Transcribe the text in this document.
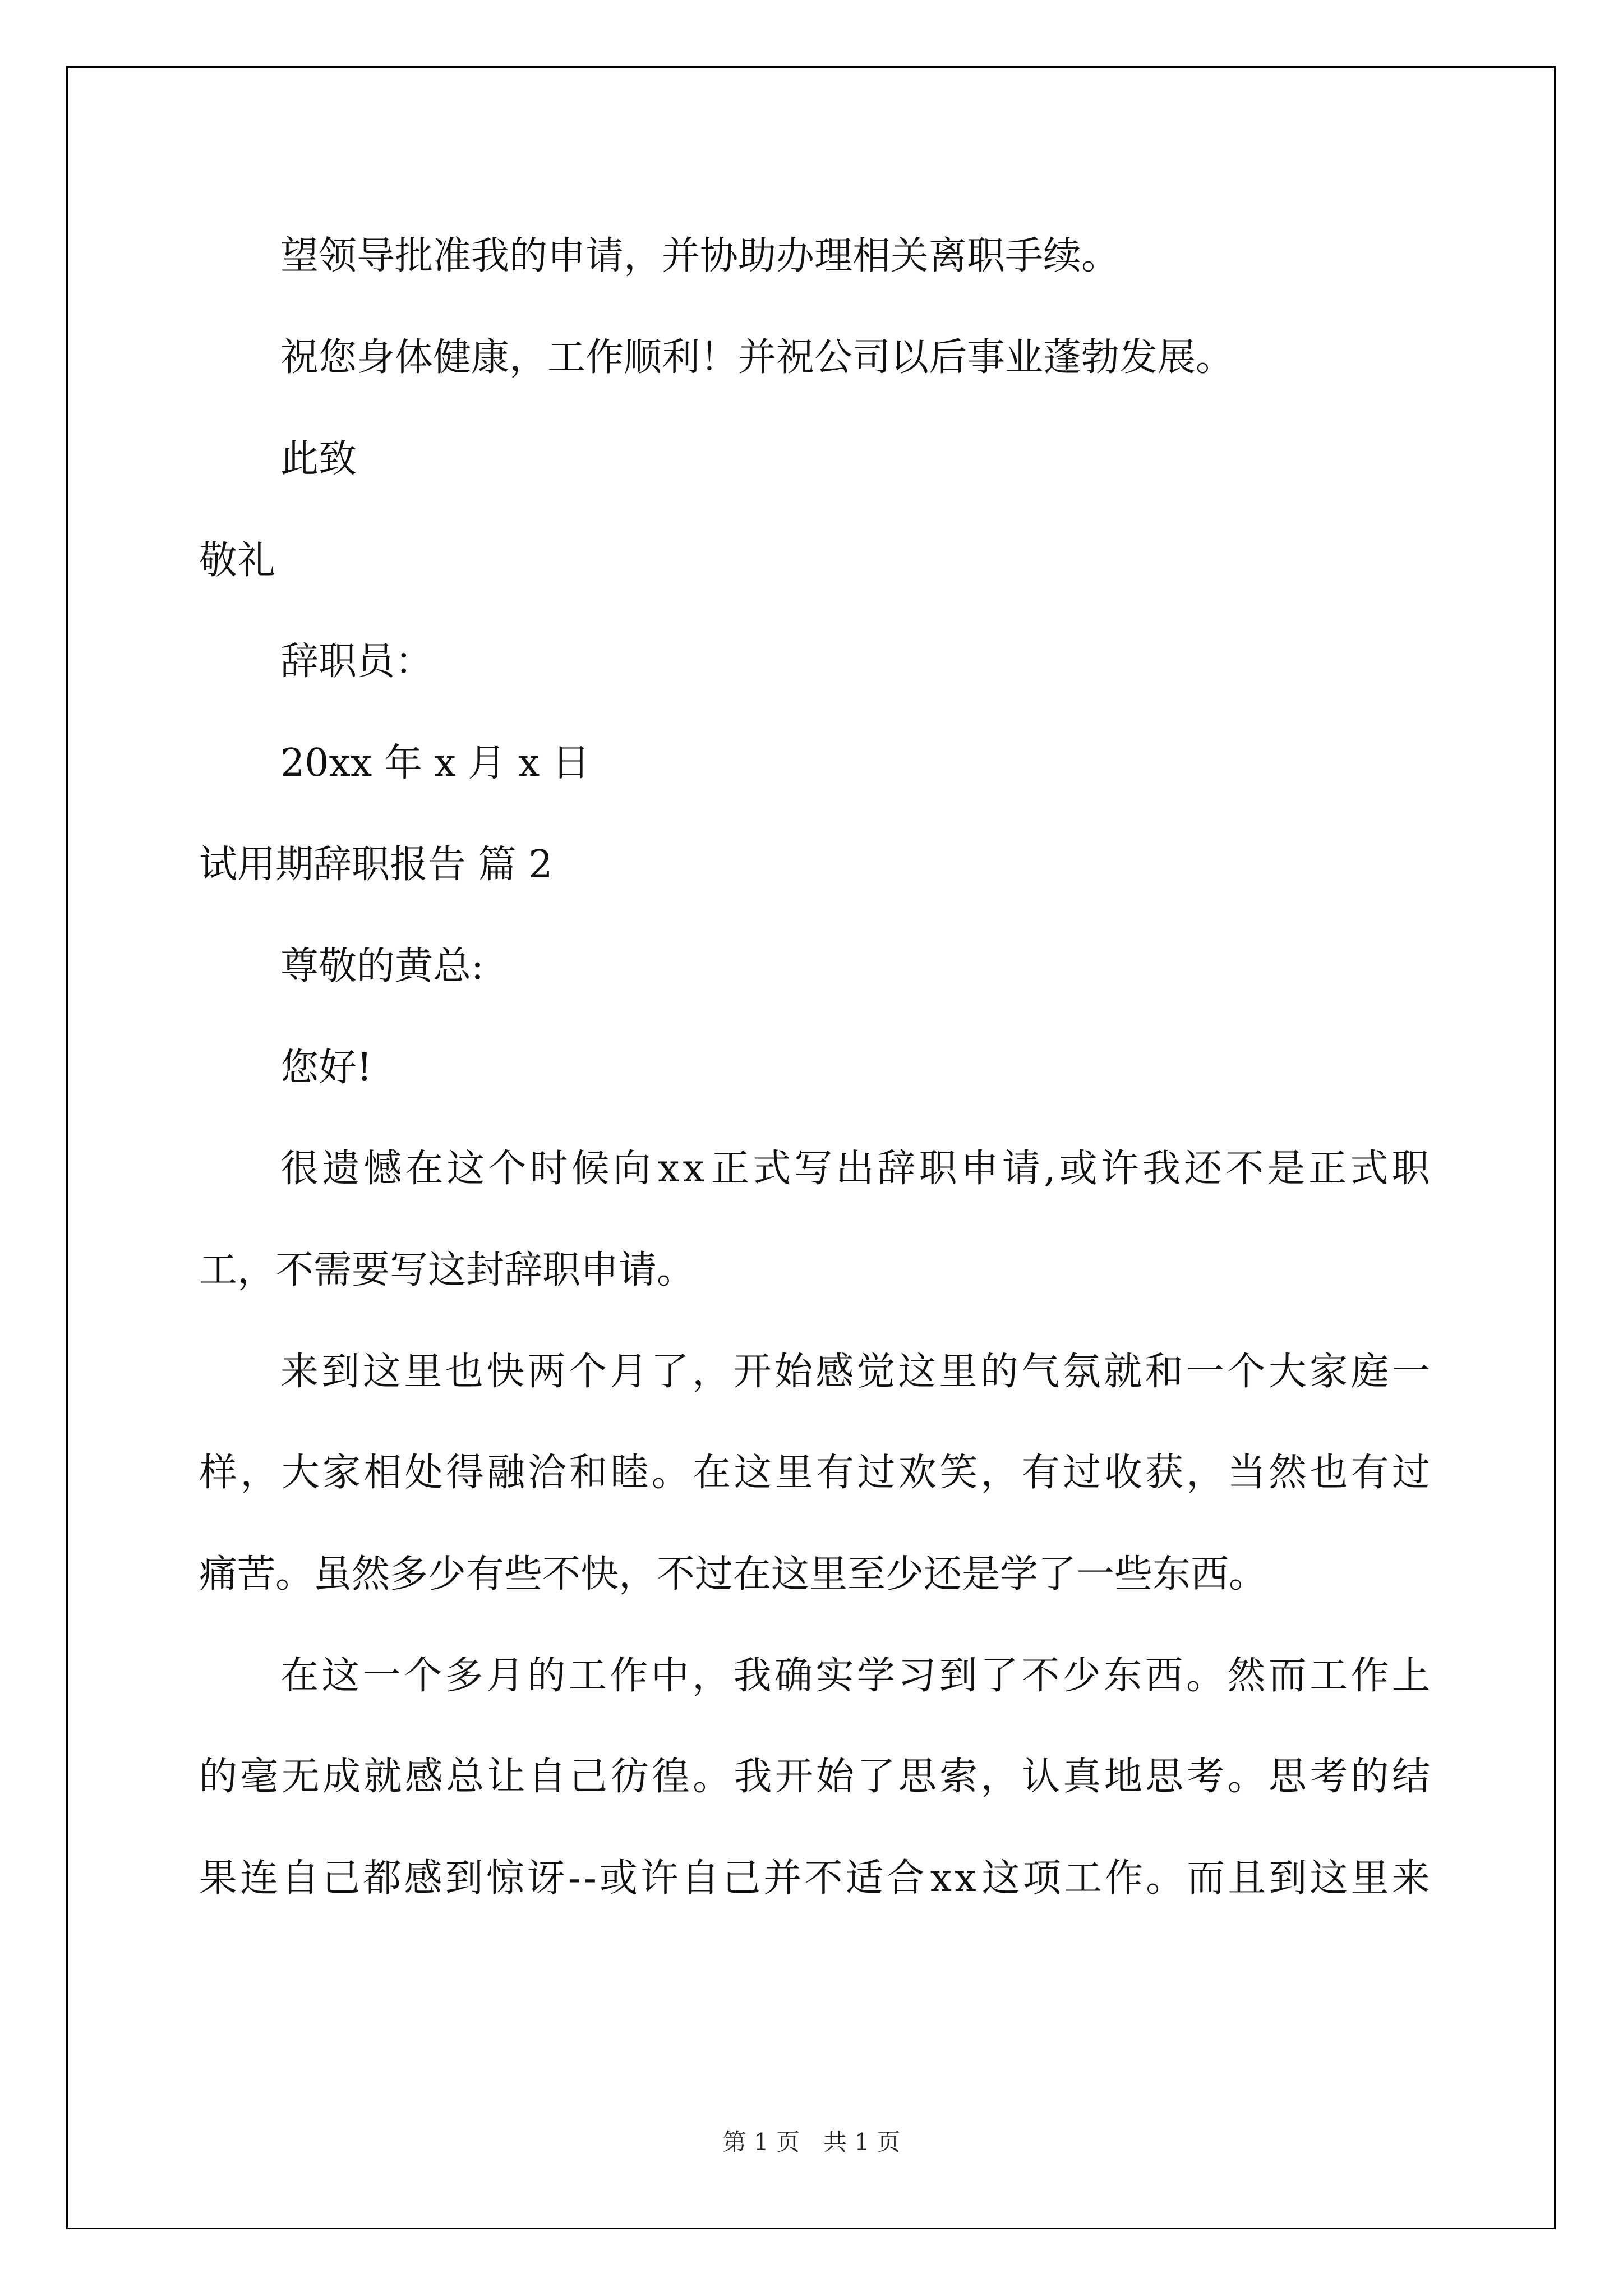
望领导批准我的申请，并协助办理相关离职手续。

祝您身体健康，工作顺利！并祝公司以后事业蓬勃发展。

此致

敬礼

辞职员：

20xx 年 x 月 x 日

试用期辞职报告 篇 2

尊敬的黄总:

您好!

很 遗 憾 在 这 个 时 候 向 x x 正 式 写 出 辞 职 申 请 , 或 许 我 还 不 是 正 式 职

工，不需要写这封辞职申请。

来 到 这 里 也 快 两 个 月 了 ， 开 始 感 觉 这 里 的 气 氛 就 和 一 个 大 家 庭 一
样 ， 大 家 相 处 得 融 洽 和 睦 。 在 这 里 有 过 欢 笑 ， 有 过 收 获 ， 当 然 也 有 过

痛苦。虽然多少有些不快，不过在这里至少还是学了一些东西。

在 这 一 个 多 月 的 工 作 中 ， 我 确 实 学 习 到 了 不 少 东 西 。 然 而 工 作 上
的 毫 无 成 就 感 总 让 自 己 彷 徨 。 我 开 始 了 思 索 ， 认 真 地 思 考 。 思 考 的 结
果 连 自 己 都 感 到 惊 讶 - - 或 许 自 己 并 不 适 合 x x 这 项 工 作 。 而 且 到 这 里 来
第 1 页　共 1 页
